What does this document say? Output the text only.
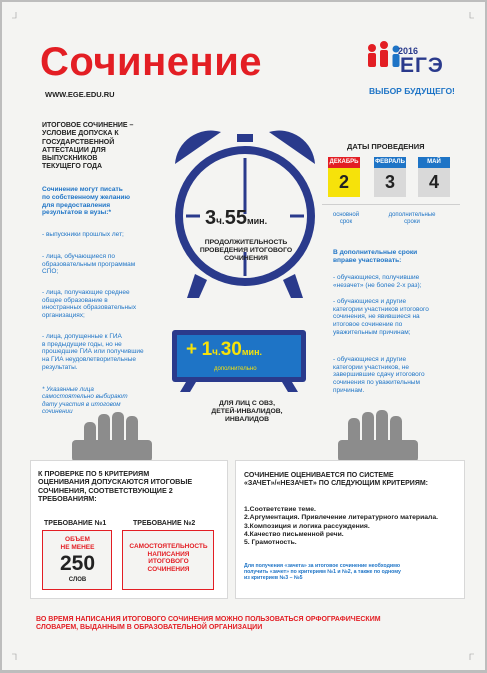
Сочинение
WWW.EGE.EDU.RU
2016
ЕГЭ
ВЫБОР БУДУЩЕГО!
ИТОГОВОЕ СОЧИНЕНИЕ –
УСЛОВИЕ ДОПУСКА К
ГОСУДАРСТВЕННОЙ
АТТЕСТАЦИИ ДЛЯ
ВЫПУСКНИКОВ
ТЕКУЩЕГО ГОДА
Сочинение могут писать
по собственному желанию
для предоставления
результатов в вузы:*
- выпускники прошлых лет;
- лица, обучающиеся по
образовательным программам
СПО;
- лица, получающие среднее
общее образование в
иностранных образовательных
организациях;
- лица, допущенные к ГИА
в предыдущие годы, но не
прошедшие ГИА или получившие
на ГИА неудовлетворительные
результаты.
* Указанные лица
самостоятельно выбирают
дату участия в итоговом
сочинении
3ч.55мин.
ПРОДОЛЖИТЕЛЬНОСТЬ
ПРОВЕДЕНИЯ ИТОГОВОГО
СОЧИНЕНИЯ
+ 1ч.30мин.
дополнительно
ДЛЯ ЛИЦ С ОВЗ,
ДЕТЕЙ-ИНВАЛИДОВ,
ИНВАЛИДОВ
ДАТЫ ПРОВЕДЕНИЯ
ДЕКАБРЬ
2
ФЕВРАЛЬ
3
МАЙ
4
основной
срок
дополнительные
сроки
В дополнительные сроки
вправе участвовать:
- обучающиеся, получившие
«незачет» (не более 2-х раз);
- обучающиеся и другие
категории участников итогового
сочинения, не явившиеся на
итоговое сочинение по
уважительным причинам;
- обучающиеся и другие
категории участников, не
завершившие сдачу итогового
сочинения по уважительным
причинам.
К ПРОВЕРКЕ ПО 5 КРИТЕРИЯМ
ОЦЕНИВАНИЯ ДОПУСКАЮТСЯ ИТОГОВЫЕ
СОЧИНЕНИЯ, СООТВЕТСТВУЮЩИЕ 2
ТРЕБОВАНИЯМ:
ТРЕБОВАНИЕ №1	ТРЕБОВАНИЕ №2
ОБЪЕМ
НЕ МЕНЕЕ
250
СЛОВ
САМОСТОЯТЕЛЬНОСТЬ
НАПИСАНИЯ
ИТОГОВОГО
СОЧИНЕНИЯ
СОЧИНЕНИЕ ОЦЕНИВАЕТСЯ ПО СИСТЕМЕ
«ЗАЧЕТ»/«НЕЗАЧЕТ» ПО СЛЕДУЮЩИМ КРИТЕРИЯМ:
1.Соответствие теме.
2.Аргументация. Привлечение литературного материала.
3.Композиция и логика рассуждения.
4.Качество письменной речи.
5. Грамотность.
Для получения «зачета» за итоговое сочинение необходимо
получить «зачет» по критериям №1 и №2, а также по одному
из критериев №3 – №5
ВО ВРЕМЯ НАПИСАНИЯ ИТОГОВОГО СОЧИНЕНИЯ МОЖНО ПОЛЬЗОВАТЬСЯ ОРФОГРАФИЧЕСКИМ
СЛОВАРЕМ, ВЫДАННЫМ В ОБРАЗОВАТЕЛЬНОЙ ОРГАНИЗАЦИИ
